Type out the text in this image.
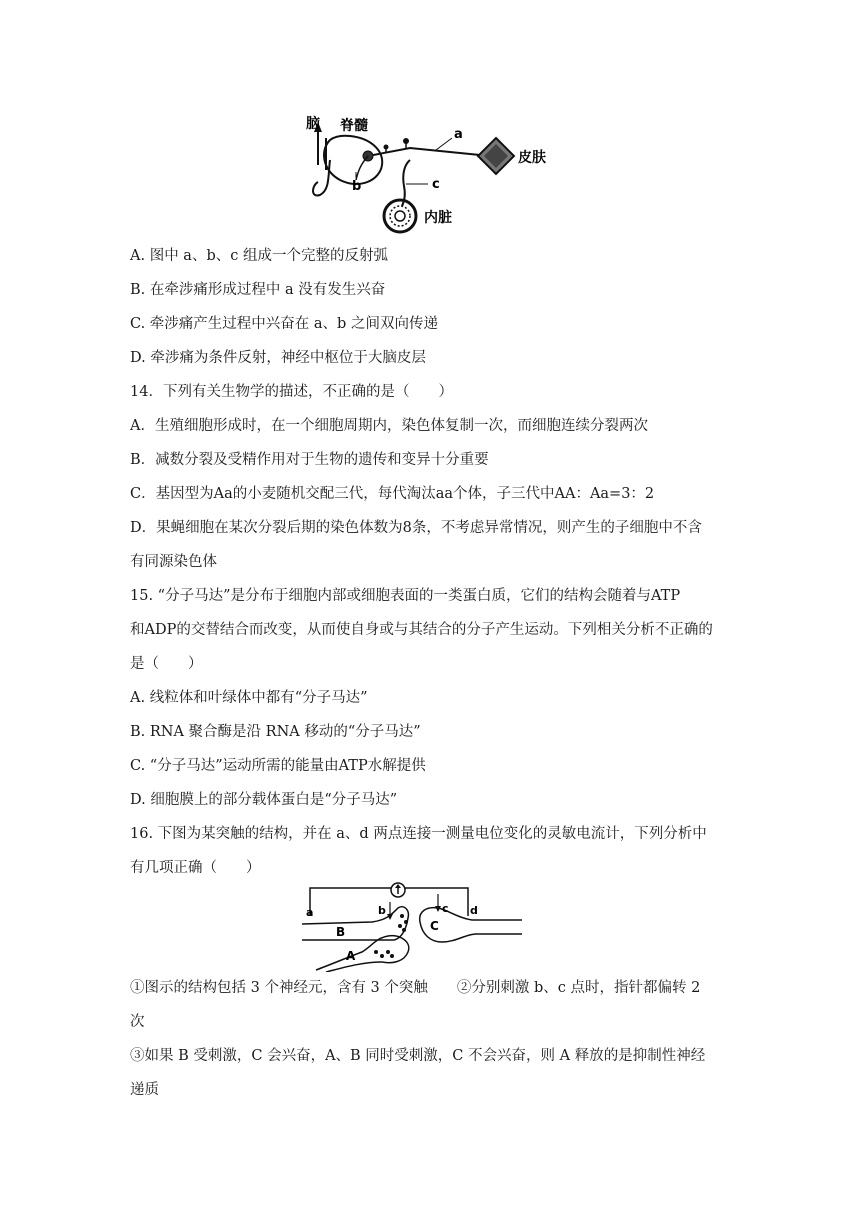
脑 脊髓
a
b	c
皮肤
内脏
A. 图中 a、b、c 组成一个完整的反射弧
B. 在牵涉痛形成过程中 a 没有发生兴奋
C. 牵涉痛产生过程中兴奋在 a、b 之间双向传递
D. 牵涉痛为条件反射，神经中枢位于大脑皮层
14．下列有关生物学的描述，不正确的是（　　）
A．生殖细胞形成时，在一个细胞周期内，染色体复制一次，而细胞连续分裂两次
B．减数分裂及受精作用对于生物的遗传和变异十分重要
C．基因型为Aa的小麦随机交配三代，每代淘汰aa个体，子三代中AA：Aa=3：2
D．果蝇细胞在某次分裂后期的染色体数为8条，不考虑异常情况，则产生的子细胞中不含
有同源染色体
15. “分子马达”是分布于细胞内部或细胞表面的一类蛋白质，它们的结构会随着与ATP
和ADP的交替结合而改变，从而使自身或与其结合的分子产生运动。下列相关分析不正确的
是（　　）
A. 线粒体和叶绿体中都有“分子马达”
B. RNA 聚合酶是沿 RNA 移动的“分子马达”
C. “分子马达”运动所需的能量由ATP水解提供
D. 细胞膜上的部分载体蛋白是“分子马达”
16. 下图为某突触的结构，并在 a、d 两点连接一测量电位变化的灵敏电流计，下列分析中
有几项正确（　　）
a	b	c d
B	C
A
①图示的结构包括 3 个神经元，含有 3 个突触　　②分别刺激 b、c 点时，指针都偏转 2
次
③如果 B 受刺激，C 会兴奋，A、B 同时受刺激，C 不会兴奋，则 A 释放的是抑制性神经
递质
